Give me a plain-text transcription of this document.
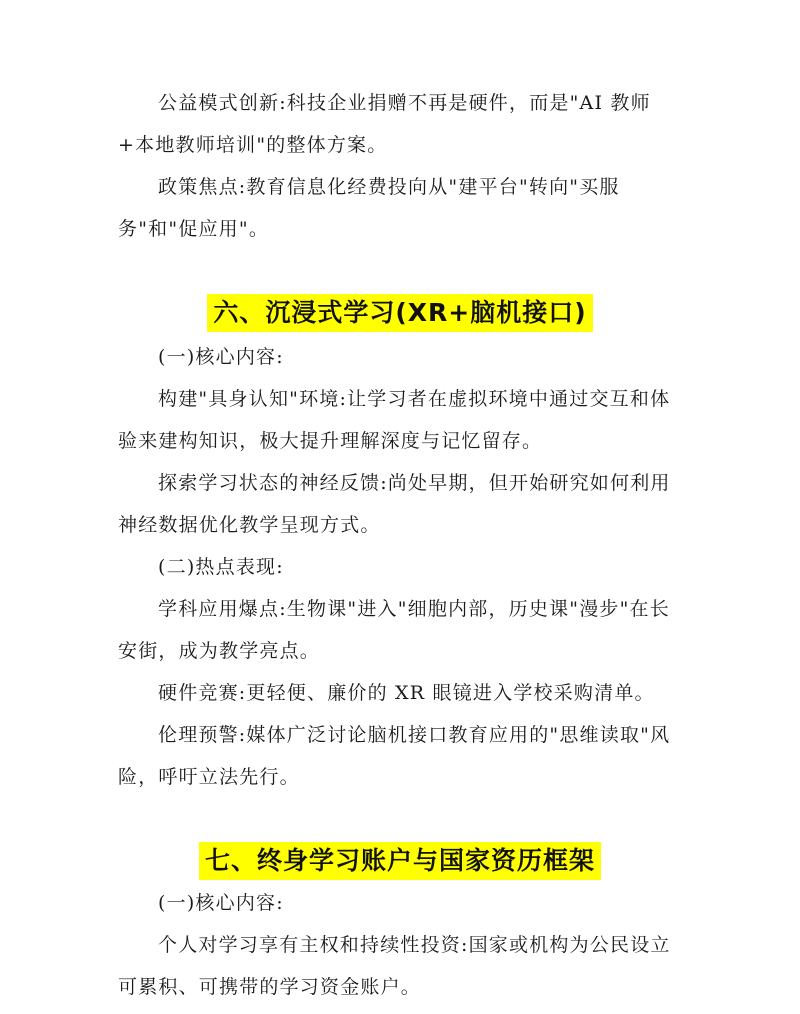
公益模式创新:科技企业捐赠不再是硬件，而是"AI 教师+本地教师培训"的整体方案。

政策焦点:教育信息化经费投向从"建平台"转向"买服务"和"促应用"。

六、沉浸式学习(XR+脑机接口)

(一)核心内容:

构建"具身认知"环境:让学习者在虚拟环境中通过交互和体验来建构知识，极大提升理解深度与记忆留存。

探索学习状态的神经反馈:尚处早期，但开始研究如何利用神经数据优化教学呈现方式。

(二)热点表现:

学科应用爆点:生物课"进入"细胞内部，历史课"漫步"在长安街，成为教学亮点。

硬件竞赛:更轻便、廉价的 XR 眼镜进入学校采购清单。

伦理预警:媒体广泛讨论脑机接口教育应用的"思维读取"风险，呼吁立法先行。

七、终身学习账户与国家资历框架

(一)核心内容:

个人对学习享有主权和持续性投资:国家或机构为公民设立可累积、可携带的学习资金账户。
